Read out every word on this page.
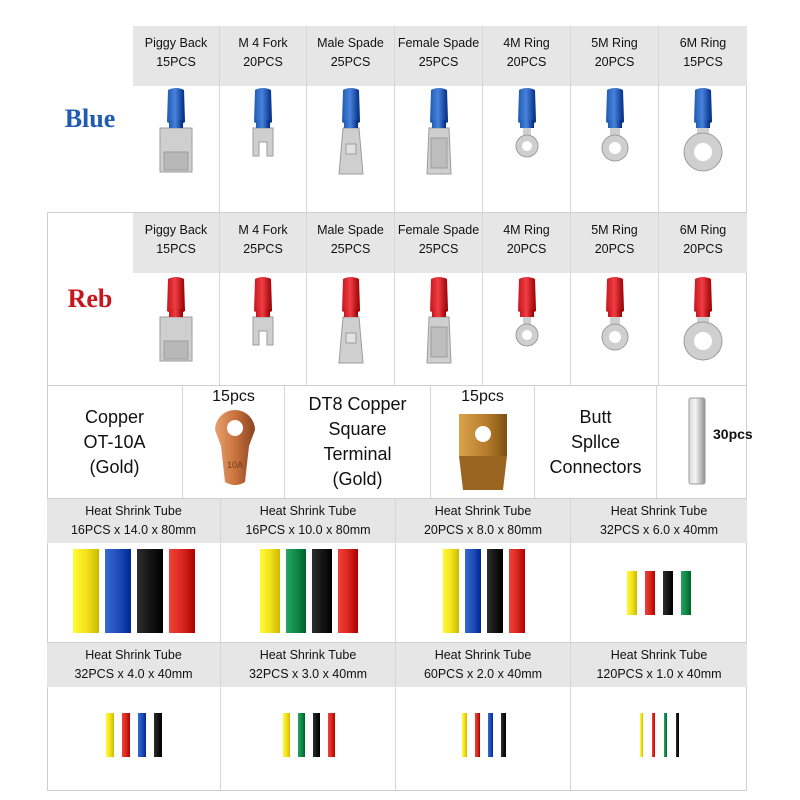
Blue
Piggy Back
15PCS
M 4 Fork
20PCS
Male Spade
25PCS
Female Spade
25PCS
4M Ring
20PCS
5M Ring
20PCS
6M Ring
15PCS
Reb
Piggy Back
15PCS
M 4 Fork
25PCS
Male Spade
25PCS
Female Spade
25PCS
4M Ring
20PCS
5M Ring
20PCS
6M Ring
20PCS
Copper
OT-10A
(Gold)
15pcs
10A
DT8 Copper
Square
Terminal
(Gold)
15pcs
Butt
Spllce
Connectors
30pcs
Heat Shrink Tube
16PCS x 14.0 x 80mm
Heat Shrink Tube
16PCS x 10.0 x 80mm
Heat Shrink Tube
20PCS x 8.0 x 80mm
Heat Shrink Tube
32PCS x 6.0 x 40mm
Heat Shrink Tube
32PCS x 4.0 x 40mm
Heat Shrink Tube
32PCS x 3.0 x 40mm
Heat Shrink Tube
60PCS x 2.0 x 40mm
Heat Shrink Tube
120PCS x 1.0 x 40mm
